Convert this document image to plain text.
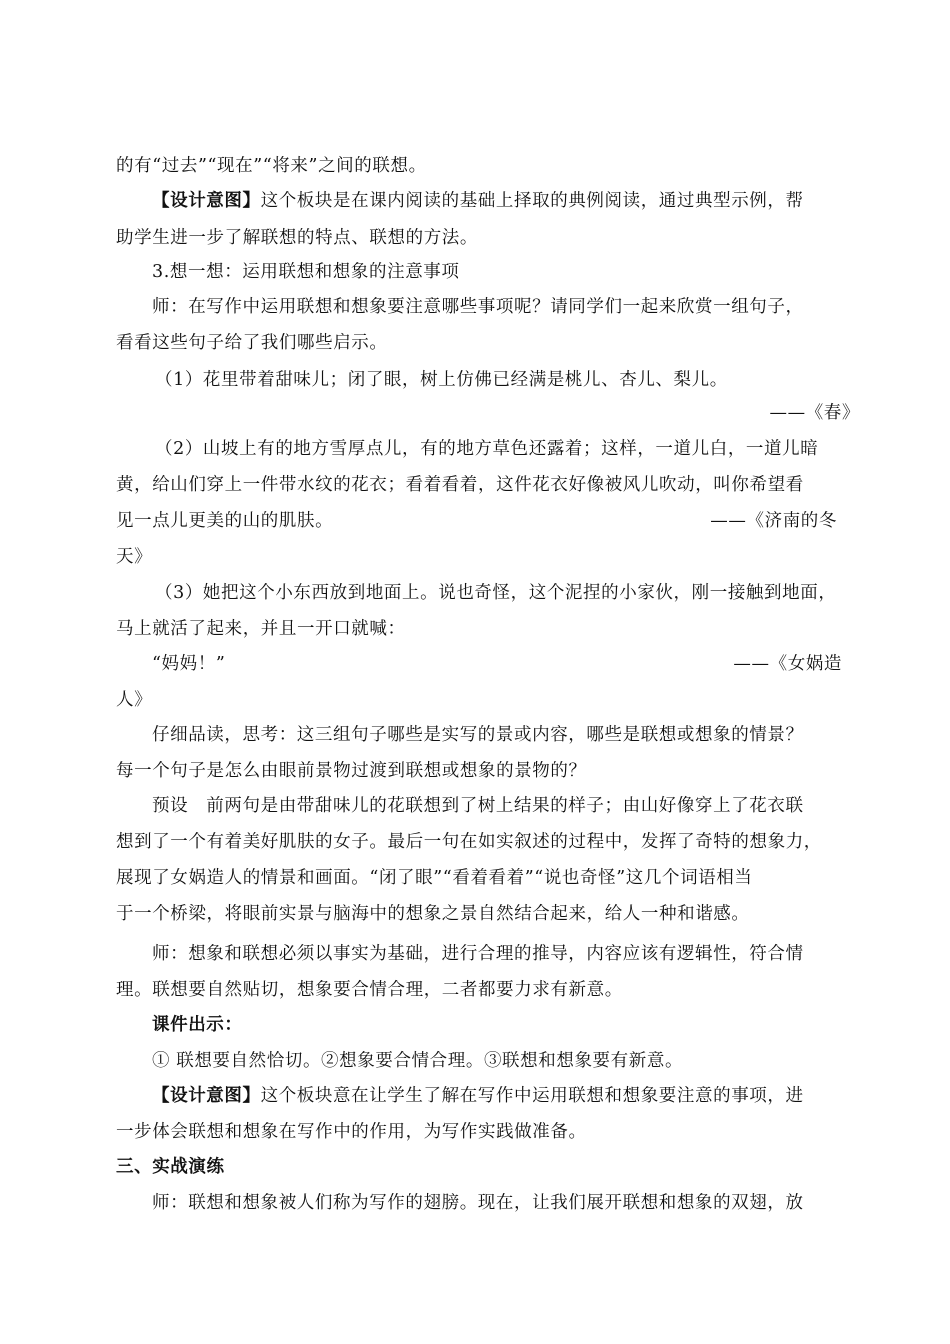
的有“过去”“现在”“将来”之间的联想。
【设计意图】这个板块是在课内阅读的基础上择取的典例阅读，通过典型示例，帮
助学生进一步了解联想的特点、联想的方法。
3.想一想：运用联想和想象的注意事项
师：在写作中运用联想和想象要注意哪些事项呢？请同学们一起来欣赏一组句子，
看看这些句子给了我们哪些启示。
（1）花里带着甜味儿；闭了眼，树上仿佛已经满是桃儿、杏儿、梨儿。
——《春》
（2）山坡上有的地方雪厚点儿，有的地方草色还露着；这样，一道儿白，一道儿暗
黄，给山们穿上一件带水纹的花衣；看着看着，这件花衣好像被风儿吹动，叫你希望看
见一点儿更美的山的肌肤。	——《济南的冬
天》
（3）她把这个小东西放到地面上。说也奇怪，这个泥捏的小家伙，刚一接触到地面，
马上就活了起来，并且一开口就喊：
“妈妈！”	——《女娲造
人》
仔细品读，思考：这三组句子哪些是实写的景或内容，哪些是联想或想象的情景？
每一个句子是怎么由眼前景物过渡到联想或想象的景物的？
预设　前两句是由带甜味儿的花联想到了树上结果的样子；由山好像穿上了花衣联
想到了一个有着美好肌肤的女子。最后一句在如实叙述的过程中，发挥了奇特的想象力，
展现了女娲造人的情景和画面。“闭了眼”“看着看着”“说也奇怪”这几个词语相当
于一个桥梁，将眼前实景与脑海中的想象之景自然结合起来，给人一种和谐感。
师：想象和联想必须以事实为基础，进行合理的推导，内容应该有逻辑性，符合情
理。联想要自然贴切，想象要合情合理，二者都要力求有新意。
课件出示：
① 联想要自然恰切。②想象要合情合理。③联想和想象要有新意。
【设计意图】这个板块意在让学生了解在写作中运用联想和想象要注意的事项，进
一步体会联想和想象在写作中的作用，为写作实践做准备。
三、实战演练
师：联想和想象被人们称为写作的翅膀。现在，让我们展开联想和想象的双翅，放
